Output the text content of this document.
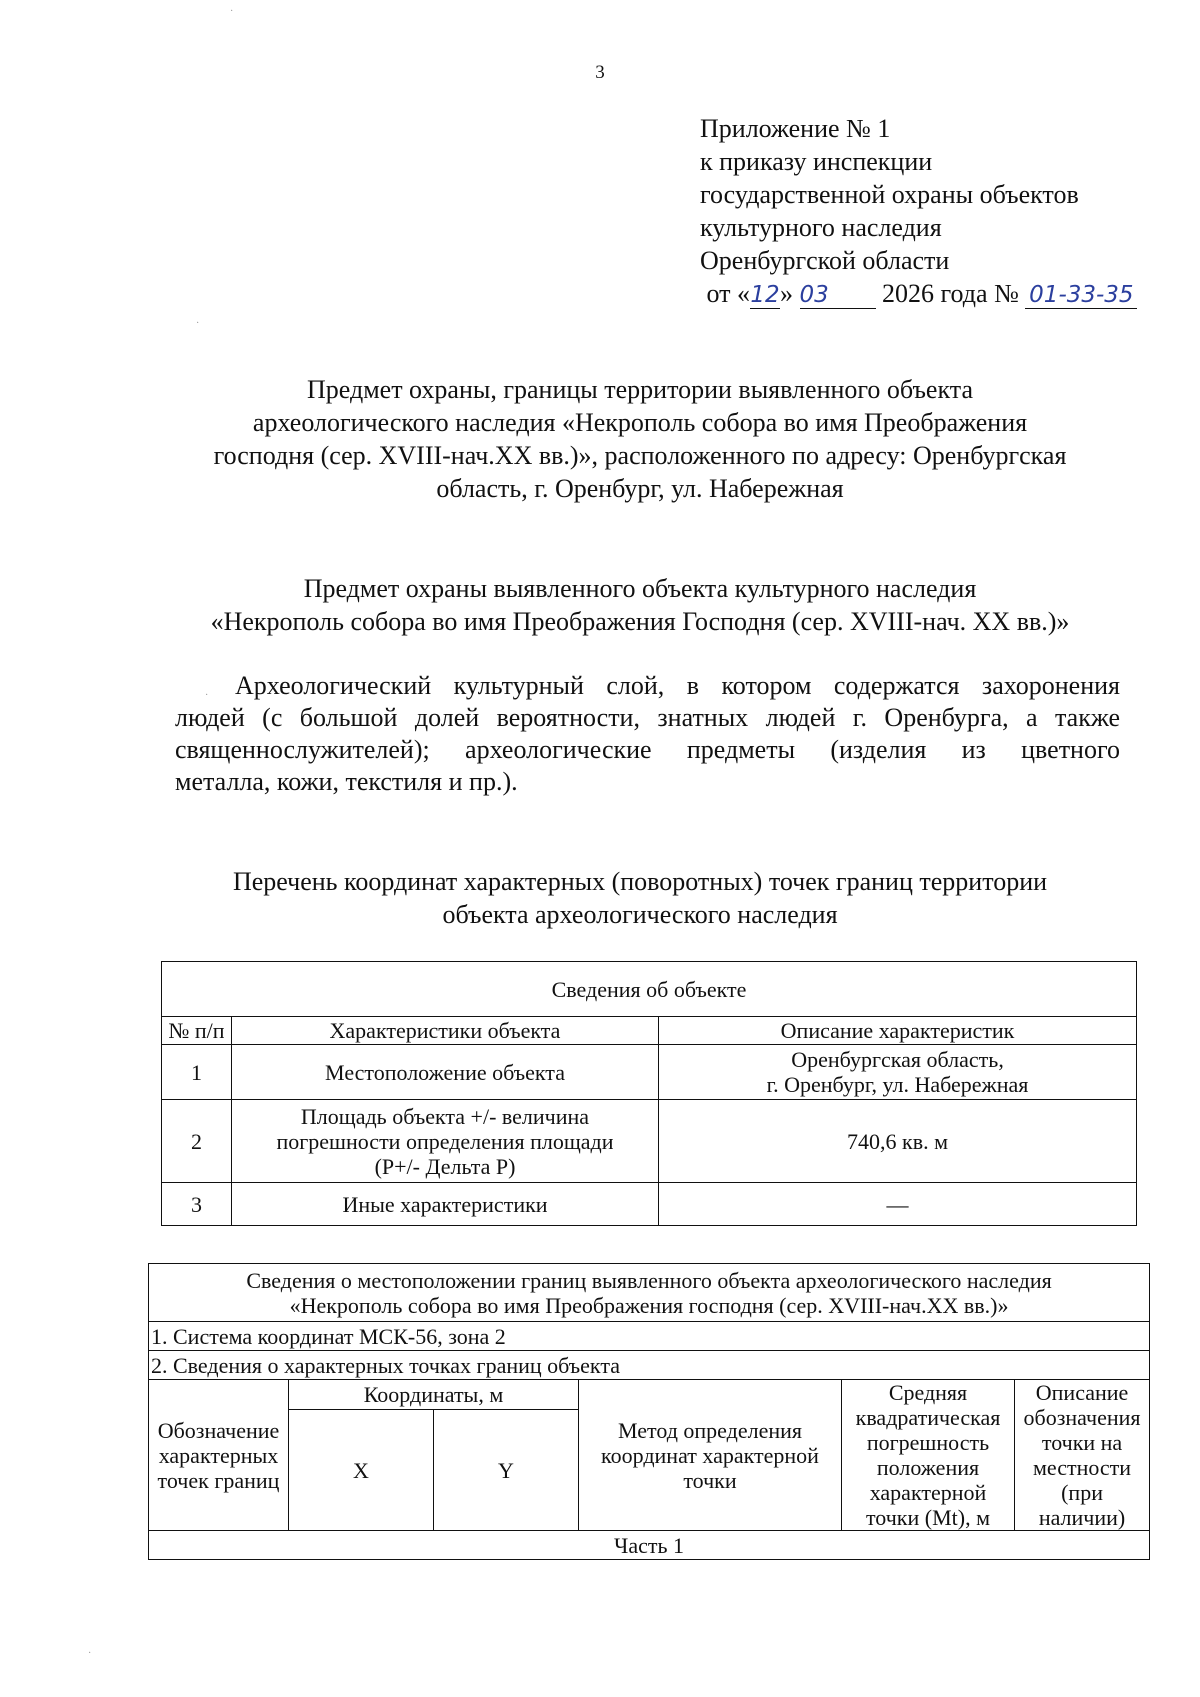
3
Приложение № 1
к приказу инспекции
государственной охраны объектов
культурного наследия
Оренбургской области
от «12» 03 2026 года № 01-33-35
Предмет охраны, границы территории выявленного объекта
археологического наследия «Некрополь собора во имя Преображения
господня (сер. XVIII-нач.XX вв.)», расположенного по адресу: Оренбургская
область, г. Оренбург, ул. Набережная
Предмет охраны выявленного объекта культурного наследия
«Некрополь собора во имя Преображения Господня (сер. XVIII-нач. XX вв.)»
Археологический культурный слой, в котором содержатся захоронения
людей (с большой долей вероятности, знатных людей г. Оренбурга, а также
священнослужителей); археологические предметы (изделия из цветного
металла, кожи, текстиля и пр.).
Перечень координат характерных (поворотных) точек границ территории
объекта археологического наследия
Сведения об объекте		
№ п/п	Характеристики объекта	Описание характеристик
1	Местоположение объекта	Оренбургская область,
г. Оренбург, ул. Набережная

2	Площадь объекта +/- величина
погрешности определения площади
(P+/- Дельта P)	740,6 кв. м
3	Иные характеристики	—
Сведения о местоположении границ выявленного объекта археологического наследия
«Некрополь собора во имя Преображения господня (сер. XVIII-нач.XX вв.)»					

1. Система координат МСК-56, зона 2					
2. Сведения о характерных точках границ объекта					
Обозначение характерных точек границ	Координаты, м		Метод определения координат характерной точки	Средняя квадратическая погрешность положения характерной точки (Mt), м	Описание обозначения точки на местности (при наличии)
	X	Y			
Часть 1					
·
·
·
·
